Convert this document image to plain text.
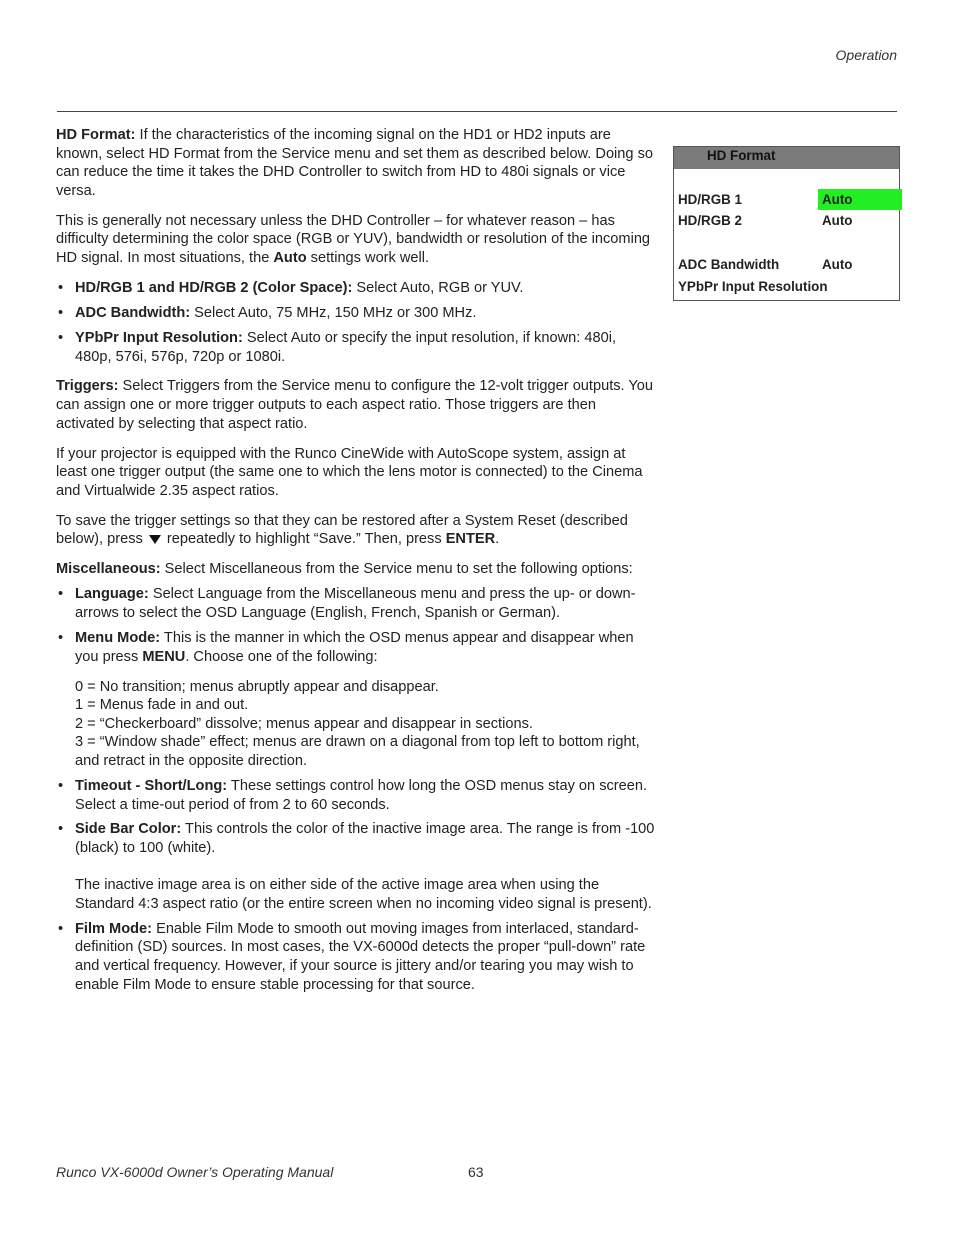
Operation

HD Format: If the characteristics of the incoming signal on the HD1 or HD2 inputs are known, select HD Format from the Service menu and set them as described below. Doing so can reduce the time it takes the DHD Controller to switch from HD to 480i signals or vice versa.

This is generally not necessary unless the DHD Controller – for whatever reason – has difficulty determining the color space (RGB or YUV), bandwidth or resolution of the incoming HD signal. In most situations, the Auto settings work well.

• HD/RGB 1 and HD/RGB 2 (Color Space): Select Auto, RGB or YUV.
• ADC Bandwidth: Select Auto, 75 MHz, 150 MHz or 300 MHz.
• YPbPr Input Resolution: Select Auto or specify the input resolution, if known: 480i, 480p, 576i, 576p, 720p or 1080i.

Triggers: Select Triggers from the Service menu to configure the 12-volt trigger outputs. You can assign one or more trigger outputs to each aspect ratio. Those triggers are then activated by selecting that aspect ratio.

If your projector is equipped with the Runco CineWide with AutoScope system, assign at least one trigger output (the same one to which the lens motor is connected) to the Cinema and Virtualwide 2.35 aspect ratios.

To save the trigger settings so that they can be restored after a System Reset (described below), press  repeatedly to highlight “Save.” Then, press ENTER.

Miscellaneous: Select Miscellaneous from the Service menu to set the following options:

• Language: Select Language from the Miscellaneous menu and press the up- or down-arrows to select the OSD Language (English, French, Spanish or German).
• Menu Mode: This is the manner in which the OSD menus appear and disappear when you press MENU. Choose one of the following:
0 = No transition; menus abruptly appear and disappear.
1 = Menus fade in and out.
2 = “Checkerboard” dissolve; menus appear and disappear in sections.
3 = “Window shade” effect; menus are drawn on a diagonal from top left to bottom right, and retract in the opposite direction.
• Timeout - Short/Long: These settings control how long the OSD menus stay on screen. Select a time-out period of from 2 to 60 seconds.
• Side Bar Color: This controls the color of the inactive image area. The range is from -100 (black) to 100 (white).
The inactive image area is on either side of the active image area when using the Standard 4:3 aspect ratio (or the entire screen when no incoming video signal is present).
• Film Mode: Enable Film Mode to smooth out moving images from interlaced, standard-definition (SD) sources. In most cases, the VX-6000d detects the proper “pull-down” rate and vertical frequency. However, if your source is jittery and/or tearing you may wish to enable Film Mode to ensure stable processing for that source.
HD Format
HD/RGB 1	Auto
HD/RGB 2	Auto
ADC Bandwidth	Auto
YPbPr Input Resolution
Runco VX-6000d Owner’s Operating Manual	63
